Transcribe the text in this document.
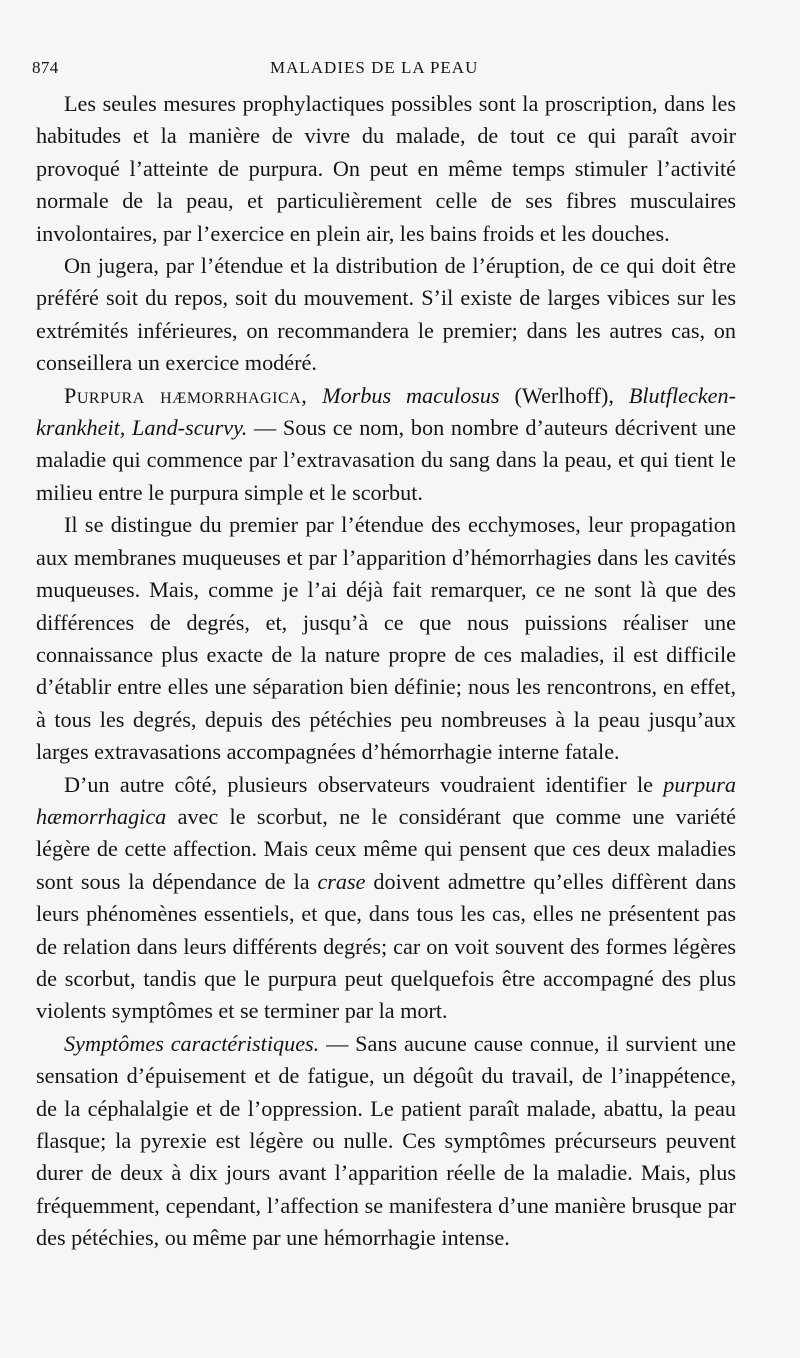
874	MALADIES DE LA PEAU

Les seules mesures prophylactiques possibles sont la proscription, dans les habitudes et la manière de vivre du malade, de tout ce qui paraît avoir provoqué l’atteinte de purpura. On peut en même temps stimuler l’activité normale de la peau, et particulièrement celle de ses fibres musculaires involontaires, par l’exercice en plein air, les bains froids et les douches.

On jugera, par l’étendue et la distribution de l’éruption, de ce qui doit être préféré soit du repos, soit du mouvement. S’il existe de larges vibices sur les extrémités inférieures, on recommandera le premier; dans les autres cas, on conseillera un exercice modéré.

Purpura hæmorrhagica, Morbus maculosus (Werlhoff), Blutflecken-krankheit, Land-scurvy. — Sous ce nom, bon nombre d’auteurs décrivent une maladie qui commence par l’extravasation du sang dans la peau, et qui tient le milieu entre le purpura simple et le scorbut.

Il se distingue du premier par l’étendue des ecchymoses, leur propagation aux membranes muqueuses et par l’apparition d’hémorrhagies dans les cavités muqueuses. Mais, comme je l’ai déjà fait remarquer, ce ne sont là que des différences de degrés, et, jusqu’à ce que nous puissions réaliser une connaissance plus exacte de la nature propre de ces maladies, il est difficile d’établir entre elles une séparation bien définie; nous les rencontrons, en effet, à tous les degrés, depuis des pétéchies peu nombreuses à la peau jusqu’aux larges extravasations accompagnées d’hémorrhagie interne fatale.

D’un autre côté, plusieurs observateurs voudraient identifier le purpura hæmorrhagica avec le scorbut, ne le considérant que comme une variété légère de cette affection. Mais ceux même qui pensent que ces deux maladies sont sous la dépendance de la crase doivent admettre qu’elles diffèrent dans leurs phénomènes essentiels, et que, dans tous les cas, elles ne présentent pas de relation dans leurs différents degrés; car on voit souvent des formes légères de scorbut, tandis que le purpura peut quelquefois être accompagné des plus violents symptômes et se terminer par la mort.

Symptômes caractéristiques. — Sans aucune cause connue, il survient une sensation d’épuisement et de fatigue, un dégoût du travail, de l’inappétence, de la céphalalgie et de l’oppression. Le patient paraît malade, abattu, la peau flasque; la pyrexie est légère ou nulle. Ces symptômes précurseurs peuvent durer de deux à dix jours avant l’apparition réelle de la maladie. Mais, plus fréquemment, cependant, l’affection se manifestera d’une manière brusque par des pétéchies, ou même par une hémorrhagie intense.
